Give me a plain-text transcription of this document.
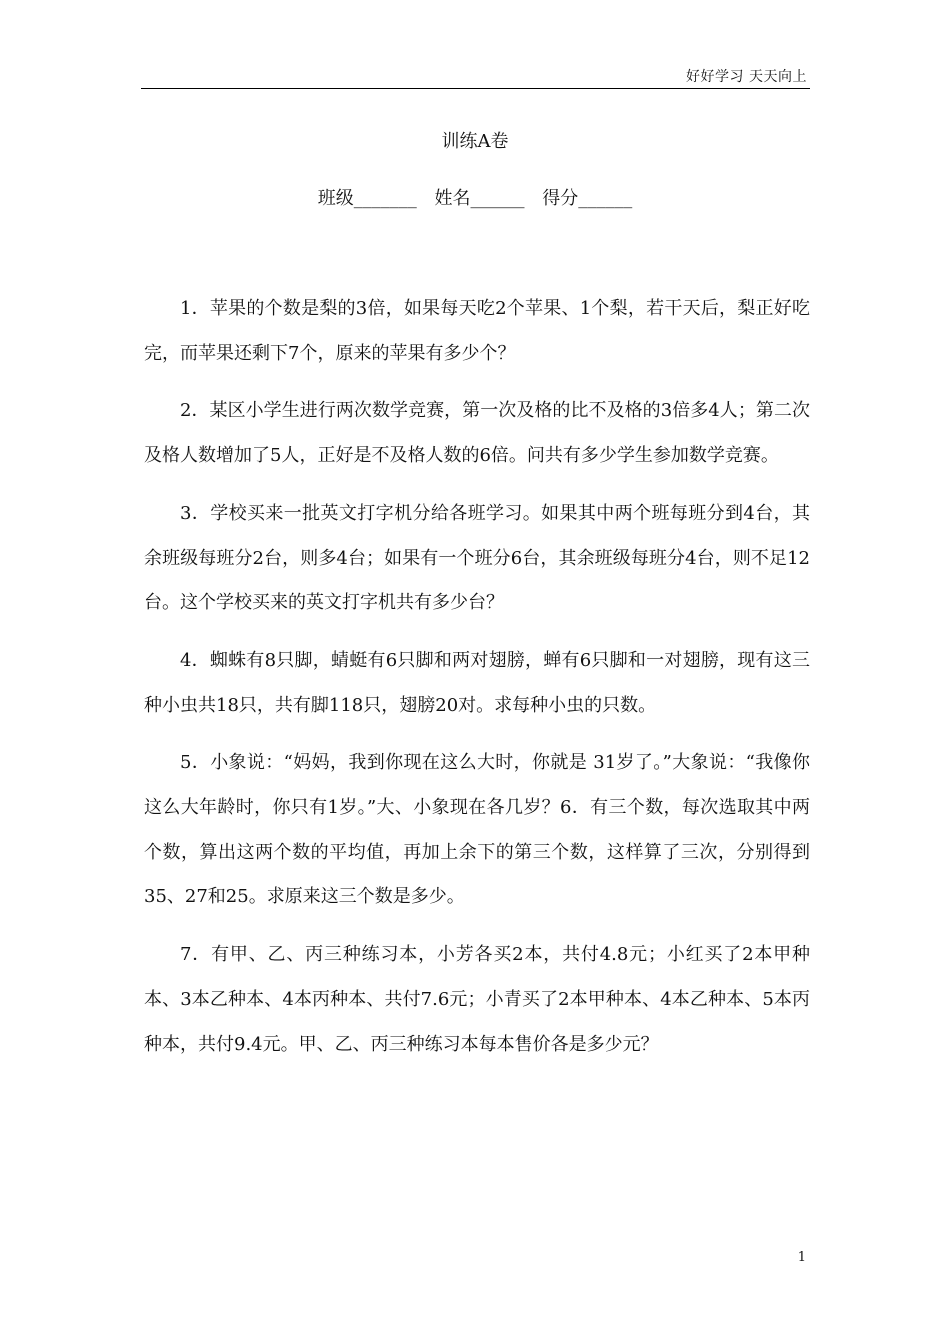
好好学习 天天向上
训练A卷
班级_______ 姓名______ 得分______

1．苹果的个数是梨的3倍，如果每天吃2个苹果、1个梨，若干天后，梨正好吃完，而苹果还剩下7个，原来的苹果有多少个？

2．某区小学生进行两次数学竞赛，第一次及格的比不及格的3倍多4人；第二次及格人数增加了5人，正好是不及格人数的6倍。问共有多少学生参加数学竞赛。

3．学校买来一批英文打字机分给各班学习。如果其中两个班每班分到4台，其余班级每班分2台，则多4台；如果有一个班分6台，其余班级每班分4台，则不足12台。这个学校买来的英文打字机共有多少台？

4．蜘蛛有8只脚，蜻蜓有6只脚和两对翅膀，蝉有6只脚和一对翅膀，现有这三种小虫共18只，共有脚118只，翅膀20对。求每种小虫的只数。

5．小象说：“妈妈，我到你现在这么大时，你就是 31岁了。”大象说：“我像你这么大年龄时，你只有1岁。”大、小象现在各几岁？6．有三个数，每次选取其中两个数，算出这两个数的平均值，再加上余下的第三个数，这样算了三次，分别得到35、27和25。求原来这三个数是多少。

7．有甲、乙、丙三种练习本，小芳各买2本，共付4.8元；小红买了2本甲种本、3本乙种本、4本丙种本、共付7.6元；小青买了2本甲种本、4本乙种本、5本丙种本，共付9.4元。甲、乙、丙三种练习本每本售价各是多少元？

1
